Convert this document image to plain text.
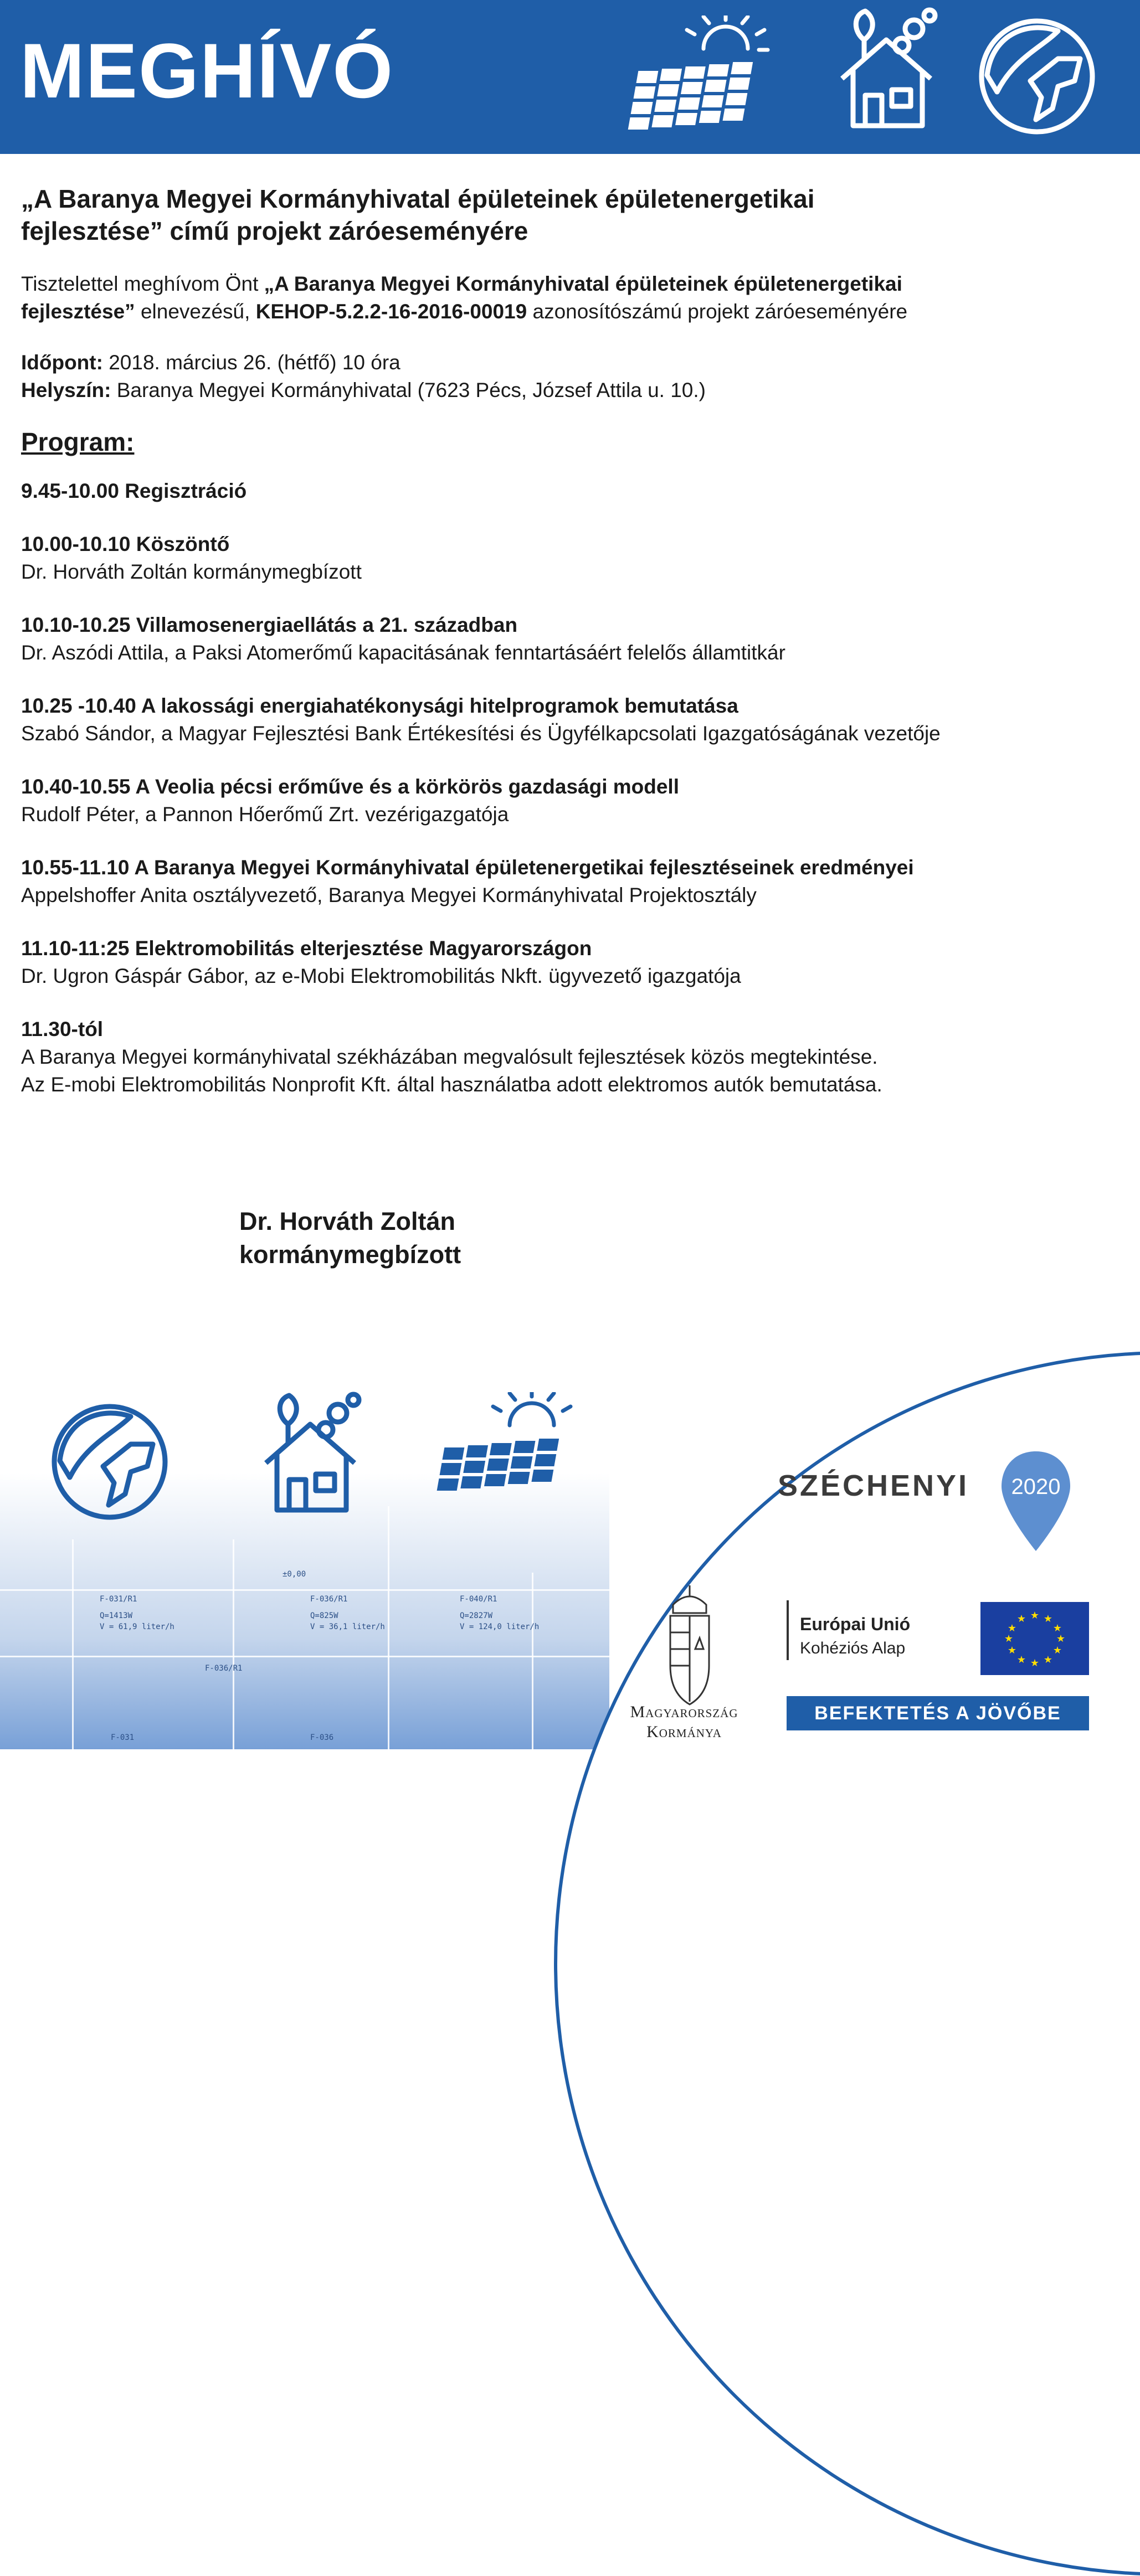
MEGHÍVÓ
„A Baranya Megyei Kormányhivatal épületeinek épületenergetikai
fejlesztése” című projekt záróeseményére

Tisztelettel meghívom Önt „A Baranya Megyei Kormányhivatal épületeinek épületenergetikai
fejlesztése” elnevezésű, KEHOP-5.2.2-16-2016-00019 azonosítószámú projekt záróeseményére

Időpont: 2018. március 26. (hétfő) 10 óra

Helyszín: Baranya Megyei Kormányhivatal (7623 Pécs, József Attila u. 10.)

Program:

9.45-10.00 Regisztráció

10.00-10.10 Köszöntő

Dr. Horváth Zoltán kormánymegbízott

10.10-10.25 Villamosenergiaellátás a 21. században

Dr. Aszódi Attila, a Paksi Atomerőmű kapacitásának fenntartásáért felelős államtitkár

10.25 -10.40 A lakossági energiahatékonysági hitelprogramok bemutatása

Szabó Sándor, a Magyar Fejlesztési Bank Értékesítési és Ügyfélkapcsolati Igazgatóságának vezetője

10.40-10.55 A Veolia pécsi erőműve és a körkörös gazdasági modell

Rudolf Péter, a Pannon Hőerőmű Zrt. vezérigazgatója

10.55-11.10 A Baranya Megyei Kormányhivatal épületenergetikai fejlesztéseinek eredményei

Appelshoffer Anita osztályvezető, Baranya Megyei Kormányhivatal Projektosztály

11.10-11:25 Elektromobilitás elterjesztése Magyarországon

Dr. Ugron Gáspár Gábor, az e-Mobi Elektromobilitás Nkft. ügyvezető igazgatója

11.30-tól

A Baranya Megyei kormányhivatal székházában megvalósult fejlesztések közös megtekintése.

Az E-mobi Elektromobilitás Nonprofit Kft. által használatba adott elektromos autók bemutatása.

Dr. Horváth Zoltán
kormánymegbízott
F-031/R1	F-036/R1	F-040/R1
F-036/R1
F-031	F-036
±0,00
Q=1413W	Q=825W	Q=2827W
V = 61,9 liter/h	V = 36,1 liter/h	V = 124,0 liter/h
SZÉCHENYI 2020
Magyarország
Kormánya
Európai Unió
Kohéziós Alap
★ ★
★
★
★
★
★
★
★
★
★
★
BEFEKTETÉS A JÖVŐBE
